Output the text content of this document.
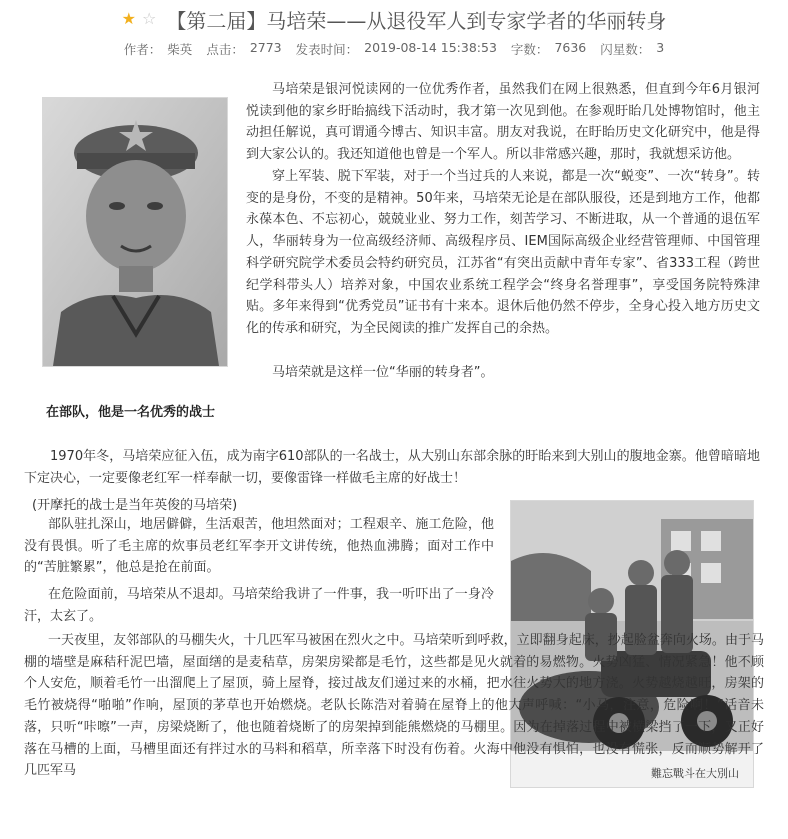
★ ☆ 【第二届】马培荣——从退役军人到专家学者的华丽转身
作者： 柴英 点击： 2773 发表时间： 2019-08-14 15:38:53 字数： 7636 闪星数： 3

马培荣是银河悦读网的一位优秀作者，虽然我们在网上很熟悉，但直到今年6月银河悦读到他的家乡盱眙搞线下活动时，我才第一次见到他。在参观盱眙几处博物馆时，他主动担任解说，真可谓通今博古、知识丰富。朋友对我说，在盱眙历史文化研究中，他是得到大家公认的。我还知道他也曾是一个军人。所以非常感兴趣，那时，我就想采访他。

穿上军装、脱下军装，对于一个当过兵的人来说，都是一次“蜕变”、一次“转身”。转变的是身份，不变的是精神。50年来，马培荣无论是在部队服役，还是到地方工作，他都永葆本色、不忘初心，兢兢业业、努力工作，刻苦学习、不断进取，从一个普通的退伍军人，华丽转身为一位高级经济师、高级程序员、IEM国际高级企业经营管理师、中国管理科学研究院学术委员会特约研究员，江苏省“有突出贡献中青年专家”、省333工程（跨世纪学科带头人）培养对象，中国农业系统工程学会“终身名誉理事”，享受国务院特殊津贴。多年来得到“优秀党员”证书有十来本。退休后他仍然不停步，全身心投入地方历史文化的传承和研究，为全民阅读的推广发挥自己的余热。

马培荣就是这样一位“华丽的转身者”。

在部队，他是一名优秀的战士

1970年冬，马培荣应征入伍，成为南字610部队的一名战士，从大别山东部余脉的盱眙来到大别山的腹地金寨。他曾暗暗地下定决心，一定要像老红军一样奉献一切，要像雷锋一样做毛主席的好战士！

(开摩托的战士是当年英俊的马培荣)
難忘戰斗在大別山

部队驻扎深山，地居僻僻，生活艰苦，他坦然面对；工程艰辛、施工危险，他没有畏惧。听了毛主席的炊事员老红军李开文讲传统，他热血沸腾；面对工作中的“苦脏繁累”，他总是抢在前面。

在危险面前，马培荣从不退却。马培荣给我讲了一件事，我一听吓出了一身冷汗，太玄了。

一天夜里，友邻部队的马棚失火，十几匹军马被困在烈火之中。马培荣听到呼救，立即翻身起床，抄起脸盆奔向火场。由于马棚的墙壁是麻秸秆泥巴墙，屋面缮的是麦秸草，房架房梁都是毛竹，这些都是见火就着的易燃物。火势凶猛、情况紧急！他不顾个人安危，顺着毛竹一出溜爬上了屋顶，骑上屋脊，接过战友们递过来的水桶，把水往火势大的地方浇。火势越烧越旺，房架的毛竹被烧得“啪啪”作响，屋顶的茅草也开始燃烧。老队长陈浩对着骑在屋脊上的他大声呼喊：“小马，注意，危险啊！”话音未落，只听“咔嚓”一声，房梁烧断了，他也随着烧断了的房架掉到能熊燃烧的马棚里。因为在掉落过程中被横梁挡了一下，又正好落在马槽的上面，马槽里面还有拌过水的马料和稻草，所幸落下时没有伤着。火海中他没有惧怕，也没有慌张，反而顺势解开了几匹军马
